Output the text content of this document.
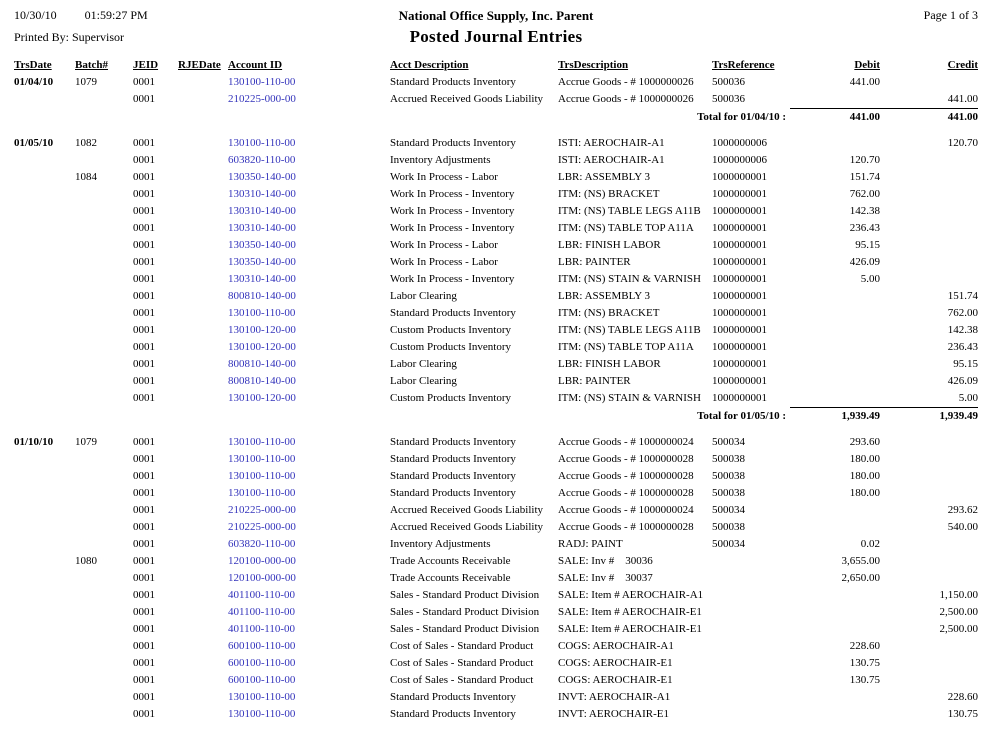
10/30/10 01:59:27 PM
Printed By: Supervisor
National Office Supply, Inc. Parent
Posted Journal Entries
Page 1 of 3
TrsDate	Batch#	JEID	RJEDate	Account ID	Acct Description	TrsDescription	TrsReference	Debit	Credit
01/04/10	1079	0001		130100-110-00	Standard Products Inventory	Accrue Goods - # 1000000026	500036	441.00	
		0001		210225-000-00	Accrued Received Goods Liability	Accrue Goods - # 1000000026	500036		441.00
						Total for 01/04/10 :		441.00	441.00

01/05/10	1082	0001		130100-110-00	Standard Products Inventory	ISTI: AEROCHAIR-A1	1000000006		120.70
		0001		603820-110-00	Inventory Adjustments	ISTI: AEROCHAIR-A1	1000000006	120.70	
	1084	0001		130350-140-00	Work In Process - Labor	LBR: ASSEMBLY 3	1000000001	151.74	
		0001		130310-140-00	Work In Process - Inventory	ITM: (NS) BRACKET	1000000001	762.00	
		0001		130310-140-00	Work In Process - Inventory	ITM: (NS) TABLE LEGS A11B	1000000001	142.38	
		0001		130310-140-00	Work In Process - Inventory	ITM: (NS) TABLE TOP A11A	1000000001	236.43	
		0001		130350-140-00	Work In Process - Labor	LBR: FINISH LABOR	1000000001	95.15	
		0001		130350-140-00	Work In Process - Labor	LBR: PAINTER	1000000001	426.09	
		0001		130310-140-00	Work In Process - Inventory	ITM: (NS) STAIN & VARNISH	1000000001	5.00	
		0001		800810-140-00	Labor Clearing	LBR: ASSEMBLY 3	1000000001		151.74
		0001		130100-110-00	Standard Products Inventory	ITM: (NS) BRACKET	1000000001		762.00
		0001		130100-120-00	Custom Products Inventory	ITM: (NS) TABLE LEGS A11B	1000000001		142.38
		0001		130100-120-00	Custom Products Inventory	ITM: (NS) TABLE TOP A11A	1000000001		236.43
		0001		800810-140-00	Labor Clearing	LBR: FINISH LABOR	1000000001		95.15
		0001		800810-140-00	Labor Clearing	LBR: PAINTER	1000000001		426.09
		0001		130100-120-00	Custom Products Inventory	ITM: (NS) STAIN & VARNISH	1000000001		5.00
						Total for 01/05/10 :		1,939.49	1,939.49

01/10/10	1079	0001		130100-110-00	Standard Products Inventory	Accrue Goods - # 1000000024	500034	293.60	
		0001		130100-110-00	Standard Products Inventory	Accrue Goods - # 1000000028	500038	180.00	
		0001		130100-110-00	Standard Products Inventory	Accrue Goods - # 1000000028	500038	180.00	
		0001		130100-110-00	Standard Products Inventory	Accrue Goods - # 1000000028	500038	180.00	
		0001		210225-000-00	Accrued Received Goods Liability	Accrue Goods - # 1000000024	500034		293.62
		0001		210225-000-00	Accrued Received Goods Liability	Accrue Goods - # 1000000028	500038		540.00
		0001		603820-110-00	Inventory Adjustments	RADJ: PAINT	500034	0.02	
	1080	0001		120100-000-00	Trade Accounts Receivable	SALE: Inv #    30036		3,655.00	
		0001		120100-000-00	Trade Accounts Receivable	SALE: Inv #    30037		2,650.00	
		0001		401100-110-00	Sales - Standard Product Division	SALE: Item # AEROCHAIR-A1			1,150.00
		0001		401100-110-00	Sales - Standard Product Division	SALE: Item # AEROCHAIR-E1			2,500.00
		0001		401100-110-00	Sales - Standard Product Division	SALE: Item # AEROCHAIR-E1			2,500.00
		0001		600100-110-00	Cost of Sales - Standard Product	COGS: AEROCHAIR-A1		228.60	
		0001		600100-110-00	Cost of Sales - Standard Product	COGS: AEROCHAIR-E1		130.75	
		0001		600100-110-00	Cost of Sales - Standard Product	COGS: AEROCHAIR-E1		130.75	
		0001		130100-110-00	Standard Products Inventory	INVT: AEROCHAIR-A1			228.60
		0001		130100-110-00	Standard Products Inventory	INVT: AEROCHAIR-E1			130.75
